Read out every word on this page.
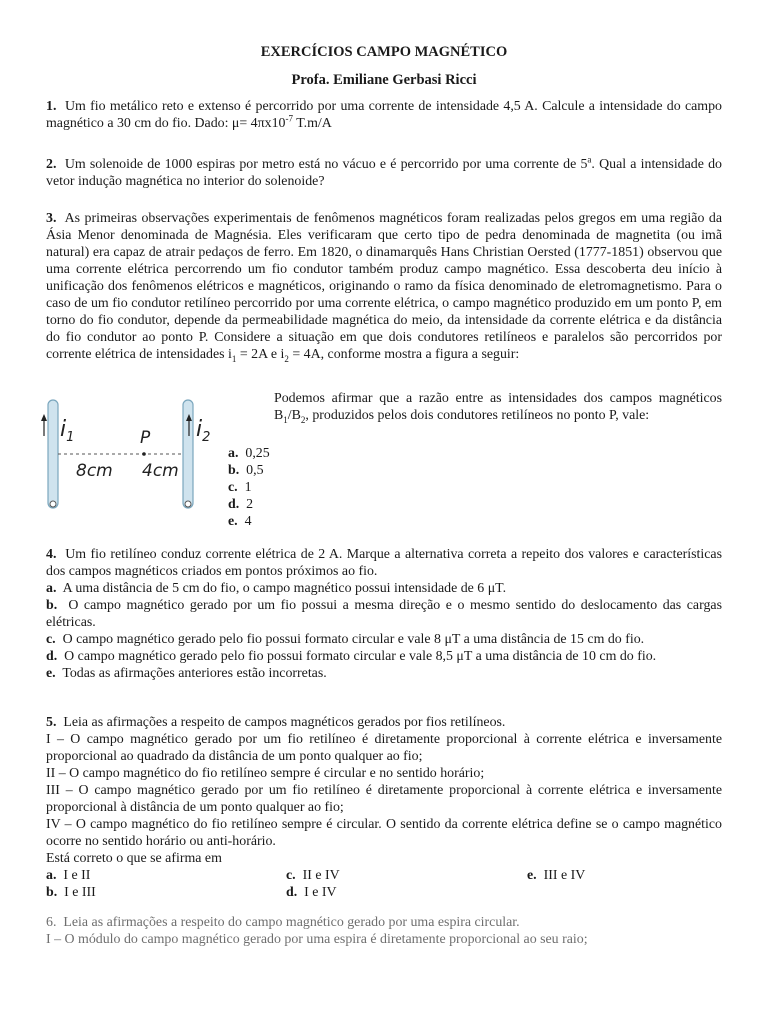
EXERCÍCIOS CAMPO MAGNÉTICO
Profa. Emiliane Gerbasi Ricci

1. Um fio metálico reto e extenso é percorrido por uma corrente de intensidade 4,5 A. Calcule a intensidade do campo magnético a 30 cm do fio. Dado: $\mu= 4\pi x10^{-7}$ T.m/A

2. Um solenoide de 1000 espiras por metro está no vácuo e é percorrido por uma corrente de 5$^a$. Qual a intensidade do vetor indução magnética no interior do solenoide?

3. As primeiras observações experimentais de fenômenos magnéticos foram realizadas pelos gregos em uma região da Ásia Menor denominada de Magnésia. Eles verificaram que certo tipo de pedra denominada de magnetita (ou imã natural) era capaz de atrair pedaços de ferro. Em 1820, o dinamarquês Hans Christian Oersted (1777-1851) observou que uma corrente elétrica percorrendo um fio condutor também produz campo magnético. Essa descoberta deu início à unificação dos fenômenos elétricos e magnéticos, originando o ramo da física denominado de eletromagnetismo. Para o caso de um fio condutor retilíneo percorrido por uma corrente elétrica, o campo magnético produzido em um ponto P, em torno do fio condutor, depende da permeabilidade magnética do meio, da intensidade da corrente elétrica e da distância do fio condutor ao ponto P. Considere a situação em que dois condutores retilíneos e paralelos são percorridos por corrente elétrica de intensidades $i_1 = 2A$ e $i_2 = 4A$, conforme mostra a figura a seguir:

$i_1$	$i_2$
P
8cm 4cm
Podemos afirmar que a razão entre as intensidades dos campos magnéticos $B_1/B_2$, produzidos pelos dois condutores retilíneos no ponto P, vale:
a. 0,25
b. 0,5
c. 1
d. 2
e. 4

4. Um fio retilíneo conduz corrente elétrica de 2 A. Marque a alternativa correta a repeito dos valores e características dos campos magnéticos criados em pontos próximos ao fio.

a. A uma distância de 5 cm do fio, o campo magnético possui intensidade de 6 μT.

b. O campo magnético gerado por um fio possui a mesma direção e o mesmo sentido do deslocamento das cargas elétricas.

c. O campo magnético gerado pelo fio possui formato circular e vale 8 μT a uma distância de 15 cm do fio.

d. O campo magnético gerado pelo fio possui formato circular e vale 8,5 μT a uma distância de 10 cm do fio.

e. Todas as afirmações anteriores estão incorretas.

5. Leia as afirmações a respeito de campos magnéticos gerados por fios retilíneos.

I – O campo magnético gerado por um fio retilíneo é diretamente proporcional à corrente elétrica e inversamente proporcional ao quadrado da distância de um ponto qualquer ao fio;

II – O campo magnético do fio retilíneo sempre é circular e no sentido horário;

III – O campo magnético gerado por um fio retilíneo é diretamente proporcional à corrente elétrica e inversamente proporcional à distância de um ponto qualquer ao fio;

IV – O campo magnético do fio retilíneo sempre é circular. O sentido da corrente elétrica define se o campo magnético ocorre no sentido horário ou anti-horário.

Está correto o que se afirma em

a. I e II
b. I e III
c. II e IV
d. I e IV
e. III e IV

6. Leia as afirmações a respeito do campo magnético gerado por uma espira circular.

I – O módulo do campo magnético gerado por uma espira é diretamente proporcional ao seu raio;
